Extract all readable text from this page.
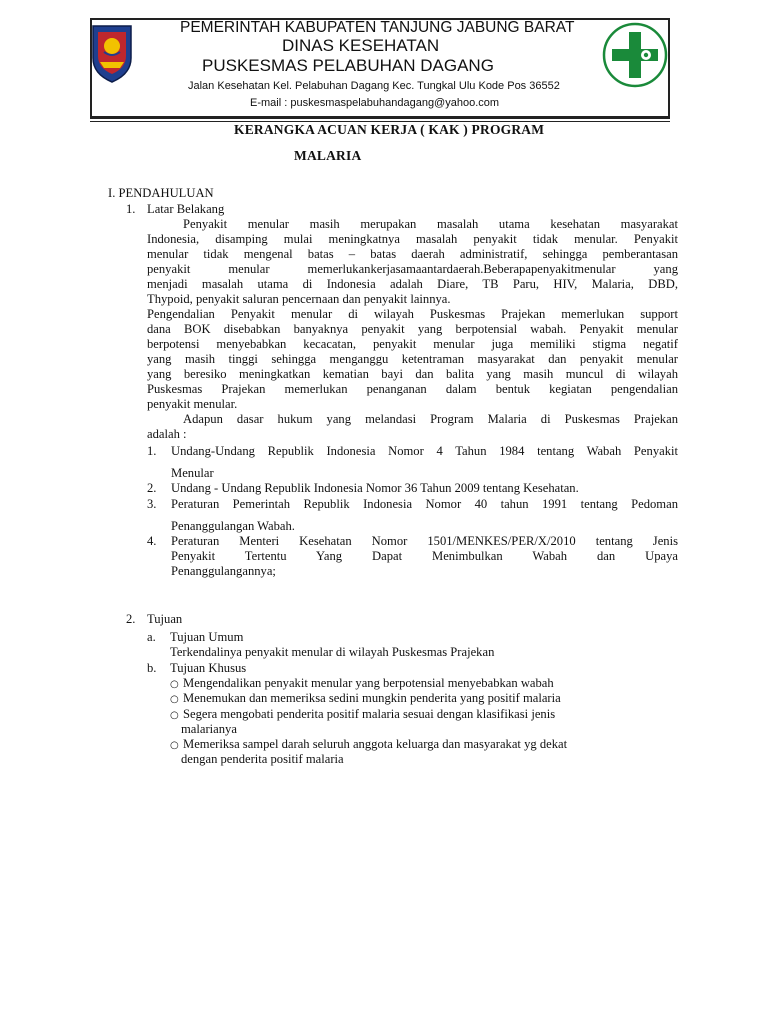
PEMERINTAH KABUPATEN TANJUNG JABUNG BARAT
DINAS KESEHATAN
PUSKESMAS PELABUHAN DAGANG
Jalan Kesehatan Kel. Pelabuhan Dagang Kec. Tungkal Ulu Kode Pos 36552
E-mail : puskesmaspelabuhandagang@yahoo.com
KERANGKA ACUAN KERJA ( KAK ) PROGRAM
MALARIA
I. PENDAHULUAN
1. Latar Belakang
Penyakit menular masih merupakan masalah utama kesehatan masyarakat
Indonesia, disamping mulai meningkatnya masalah penyakit tidak menular. Penyakit
menular tidak mengenal batas – batas daerah administratif, sehingga pemberantasan
penyakit menular memerlukankerjasamaantardaerah.Beberapapenyakitmenular yang
menjadi masalah utama di Indonesia adalah Diare, TB Paru, HIV, Malaria, DBD,
Thypoid, penyakit saluran pencernaan dan penyakit lainnya.
Pengendalian Penyakit menular di wilayah Puskesmas Prajekan memerlukan support
dana BOK disebabkan banyaknya penyakit yang berpotensial wabah. Penyakit menular
berpotensi menyebabkan kecacatan, penyakit menular juga memiliki stigma negatif
yang masih tinggi sehingga menganggu ketentraman masyarakat dan penyakit menular
yang beresiko meningkatkan kematian bayi dan balita yang masih muncul di wilayah
Puskesmas Prajekan memerlukan penanganan dalam bentuk kegiatan pengendalian
penyakit menular.
Adapun dasar hukum yang melandasi Program Malaria di Puskesmas Prajekan
adalah :
1. Undang-Undang Republik Indonesia Nomor 4 Tahun 1984 tentang Wabah Penyakit
Menular
2. Undang - Undang Republik Indonesia Nomor 36 Tahun 2009 tentang Kesehatan.
3. Peraturan Pemerintah Republik Indonesia Nomor 40 tahun 1991 tentang Pedoman
Penanggulangan Wabah.
4. Peraturan Menteri Kesehatan Nomor 1501/MENKES/PER/X/2010 tentang Jenis
Penyakit Tertentu Yang Dapat Menimbulkan Wabah dan Upaya
Penanggulangannya;
2. Tujuan
a. Tujuan Umum
Terkendalinya penyakit menular di wilayah Puskesmas Prajekan
b. Tujuan Khusus
○ Mengendalikan penyakit menular yang berpotensial menyebabkan wabah
○ Menemukan dan memeriksa sedini mungkin penderita yang positif malaria
○ Segera mengobati penderita positif malaria sesuai dengan klasifikasi jenis
malarianya
○ Memeriksa sampel darah seluruh anggota keluarga dan masyarakat yg dekat
dengan penderita positif malaria
